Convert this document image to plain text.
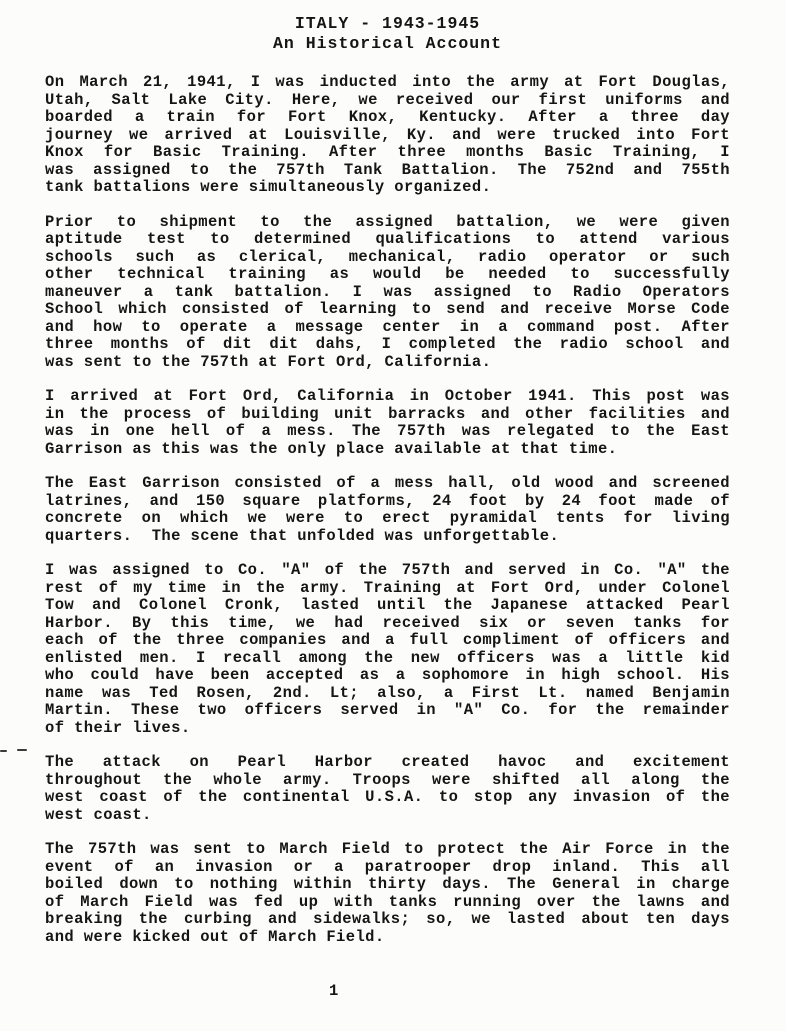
ITALY - 1943-1945
An Historical Account
On March 21, 1941, I was inducted into the army at Fort Douglas,
Utah, Salt Lake City. Here, we received our first uniforms and
boarded a train for Fort Knox, Kentucky. After a three day
journey we arrived at Louisville, Ky. and were trucked into Fort
Knox for Basic Training. After three months Basic Training, I
was assigned to the 757th Tank Battalion. The 752nd and 755th
tank battalions were simultaneously organized.
Prior to shipment to the assigned battalion, we were given
aptitude test to determined qualifications to attend various
schools such as clerical, mechanical, radio operator or such
other technical training as would be needed to successfully
maneuver a tank battalion. I was assigned to Radio Operators
School which consisted of learning to send and receive Morse Code
and how to operate a message center in a command post. After
three months of dit dit dahs, I completed the radio school and
was sent to the 757th at Fort Ord, California.
I arrived at Fort Ord, California in October 1941. This post was
in the process of building unit barracks and other facilities and
was in one hell of a mess. The 757th was relegated to the East
Garrison as this was the only place available at that time.
The East Garrison consisted of a mess hall, old wood and screened
latrines, and 150 square platforms, 24 foot by 24 foot made of
concrete on which we were to erect pyramidal tents for living
quarters.  The scene that unfolded was unforgettable.
I was assigned to Co. "A" of the 757th and served in Co. "A" the
rest of my time in the army. Training at Fort Ord, under Colonel
Tow and Colonel Cronk, lasted until the Japanese attacked Pearl
Harbor. By this time, we had received six or seven tanks for
each of the three companies and a full compliment of officers and
enlisted men. I recall among the new officers was a little kid
who could have been accepted as a sophomore in high school. His
name was Ted Rosen, 2nd. Lt; also, a First Lt. named Benjamin
Martin. These two officers served in "A" Co. for the remainder
of their lives.
The attack on Pearl Harbor created havoc and excitement
throughout the whole army. Troops were shifted all along the
west coast of the continental U.S.A. to stop any invasion of the
west coast.
The 757th was sent to March Field to protect the Air Force in the
event of an invasion or a paratrooper drop inland. This all
boiled down to nothing within thirty days. The General in charge
of March Field was fed up with tanks running over the lawns and
breaking the curbing and sidewalks; so, we lasted about ten days
and were kicked out of March Field.
1
